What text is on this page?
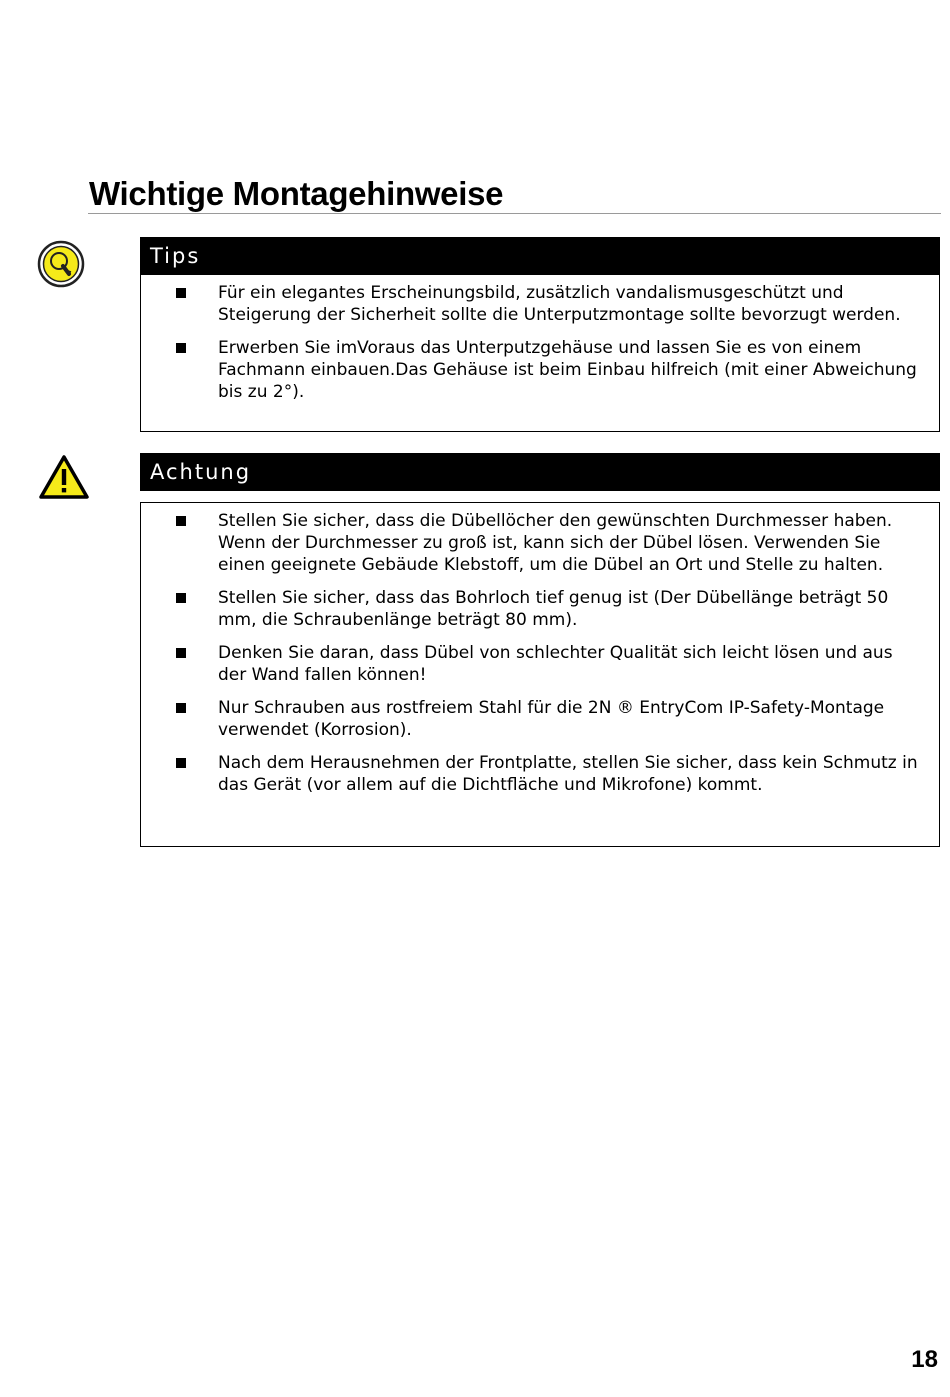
Wichtige Montagehinweise
Tips
Für ein elegantes Erscheinungsbild, zusätzlich vandalismusgeschützt und Steigerung der Sicherheit sollte die Unterputzmontage sollte bevorzugt werden.
Erwerben Sie imVoraus das Unterputzgehäuse und lassen Sie es von einem Fachmann einbauen.Das Gehäuse ist beim Einbau hilfreich (mit einer Abweichung bis zu 2°).
Achtung
Stellen Sie sicher, dass die Dübellöcher den gewünschten Durchmesser haben. Wenn der Durchmesser zu groß ist, kann sich der Dübel lösen. Verwenden Sie einen geeignete Gebäude Klebstoff, um die Dübel an Ort und Stelle zu halten.
Stellen Sie sicher, dass das Bohrloch tief genug ist (Der Dübellänge beträgt 50 mm, die Schraubenlänge beträgt 80 mm).
Denken Sie daran, dass Dübel von schlechter Qualität sich leicht lösen und aus der Wand fallen können!
Nur Schrauben aus rostfreiem Stahl für die 2N ® EntryCom IP-Safety-Montage verwendet (Korrosion).
Nach dem Herausnehmen der Frontplatte, stellen Sie sicher, dass kein Schmutz in das Gerät (vor allem auf die Dichtfläche und Mikrofone) kommt.
18
